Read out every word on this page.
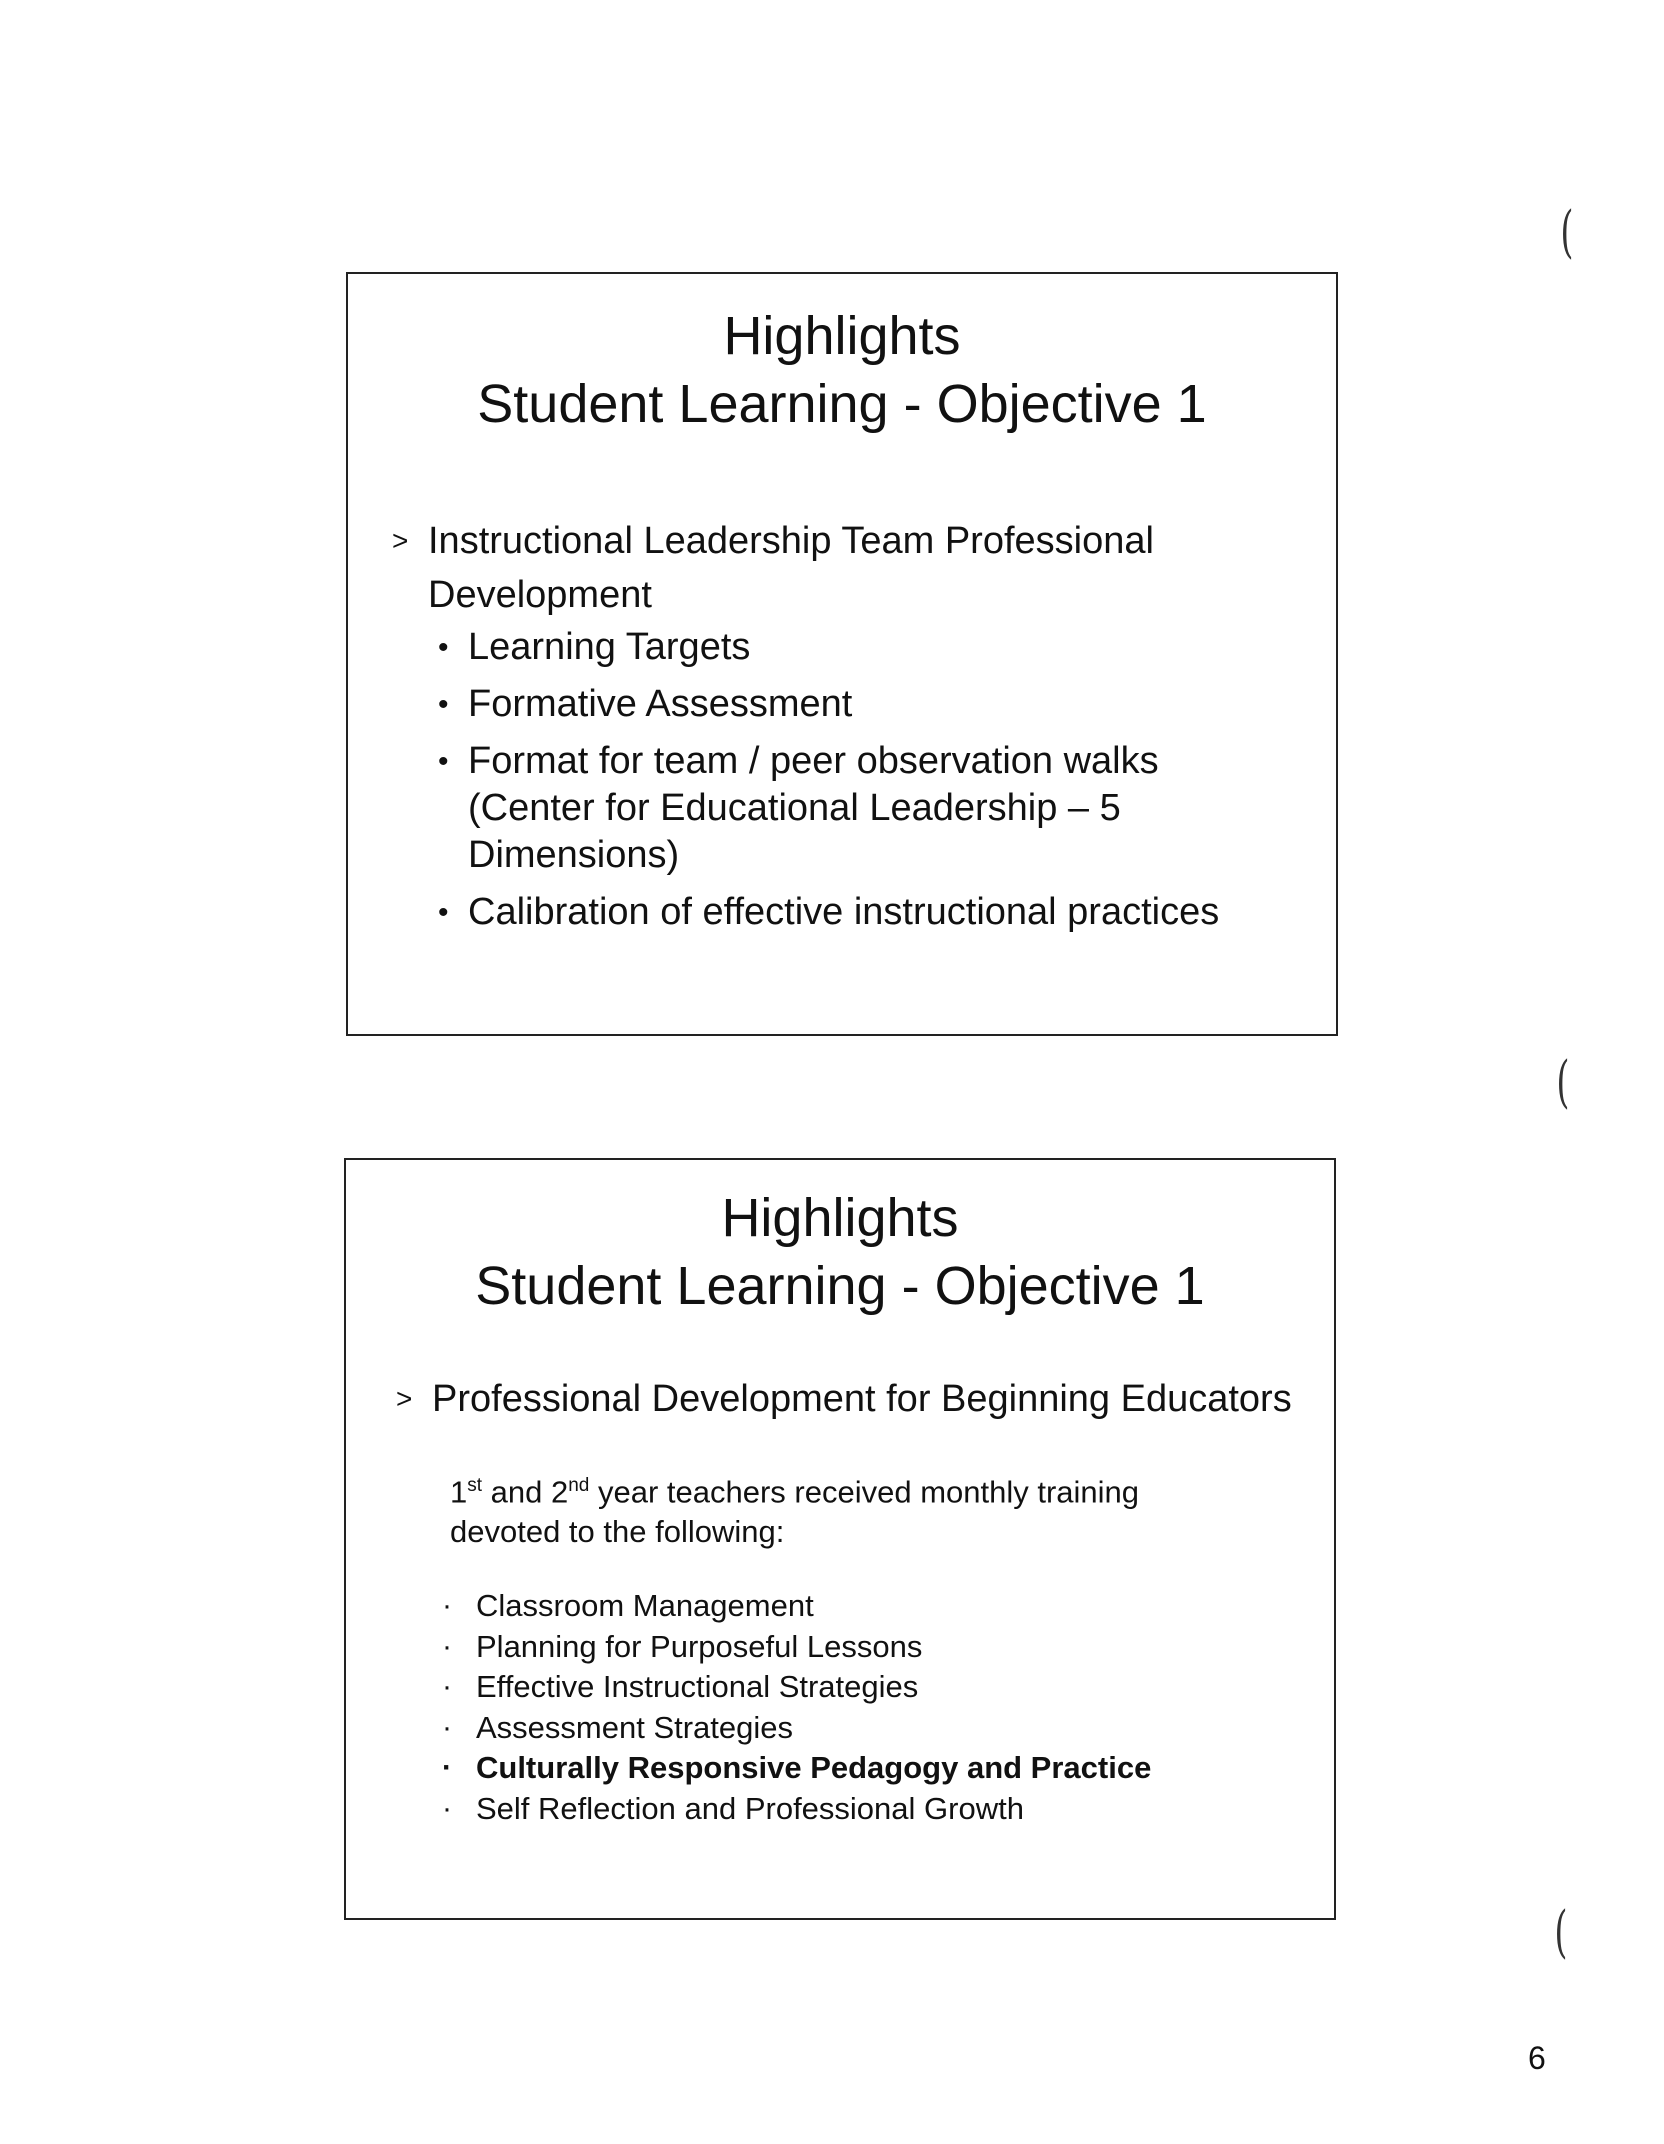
Highlights
Student Learning - Objective 1
> Instructional Leadership Team Professional Development
• Learning Targets
• Formative Assessment
• Format for team / peer observation walks (Center for Educational Leadership – 5 Dimensions)
• Calibration of effective instructional practices
Highlights
Student Learning - Objective 1
> Professional Development for Beginning Educators
1st and 2nd year teachers received monthly training devoted to the following:
· Classroom Management
· Planning for Purposeful Lessons
· Effective Instructional Strategies
· Assessment Strategies
· Culturally Responsive Pedagogy and Practice
· Self Reflection and Professional Growth
(
(
(
6
